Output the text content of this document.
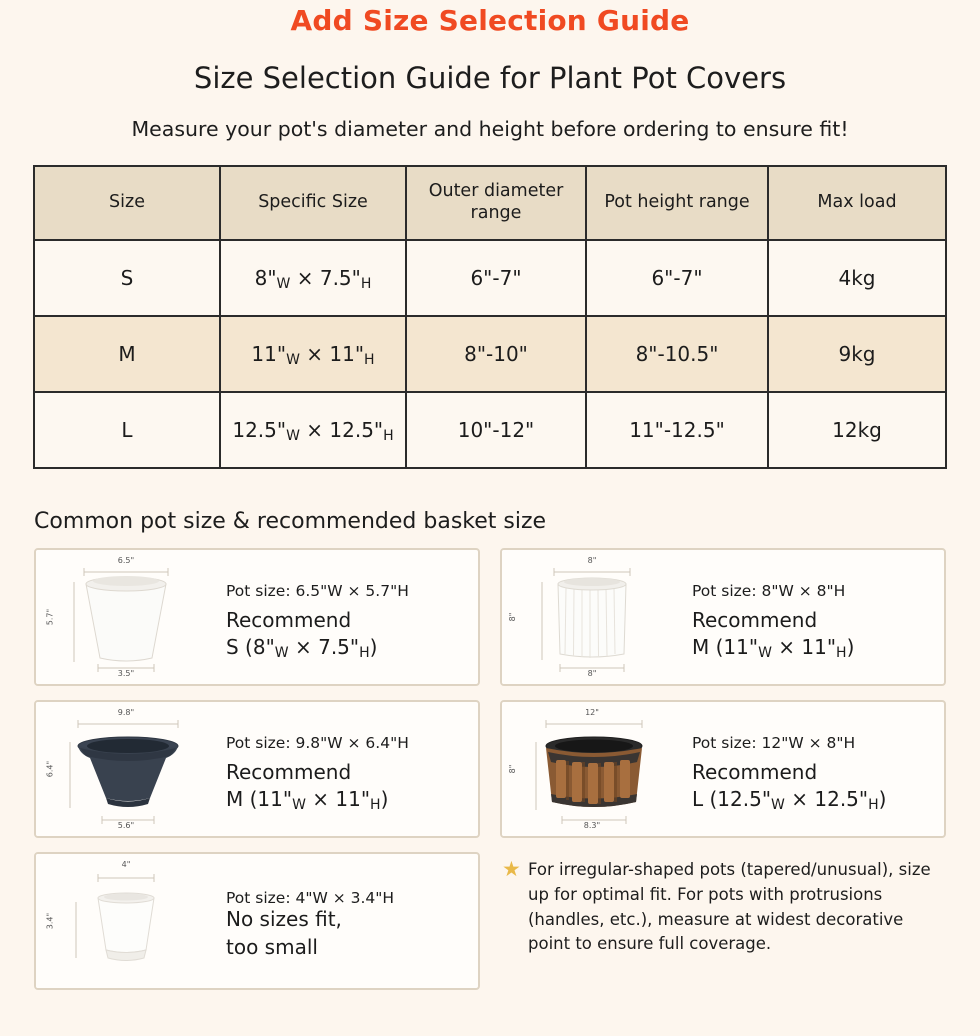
Add Size Selection Guide
Size Selection Guide for Plant Pot Covers
Measure your pot's diameter and height before ordering to ensure fit!
Size	Specific Size	Outer diameter range	Pot height range	Max load
S	8"W × 7.5"H	6"-7"	6"-7"	4kg
M	11"W × 11"H	8"-10"	8"-10.5"	9kg
L	12.5"W × 12.5"H	10"-12"	11"-12.5"	12kg
Common pot size & recommended basket size
6.5"
5.7"
3.5"
Pot size: 6.5"W × 5.7"H
Recommend
S (8"W × 7.5"H)
8"
8"
8"
Pot size: 8"W × 8"H
Recommend
M (11"W × 11"H)
9.8"
6.4"
5.6"
Pot size: 9.8"W × 6.4"H
Recommend
M (11"W × 11"H)
12"
8"
8.3"
Pot size: 12"W × 8"H
Recommend
L (12.5"W × 12.5"H)
4"
3.4"
Pot size: 4"W × 3.4"H
No sizes fit,
too small
★ For irregular-shaped pots (tapered/unusual), size up for optimal fit. For pots with protrusions (handles, etc.), measure at widest decorative point to ensure full coverage.
